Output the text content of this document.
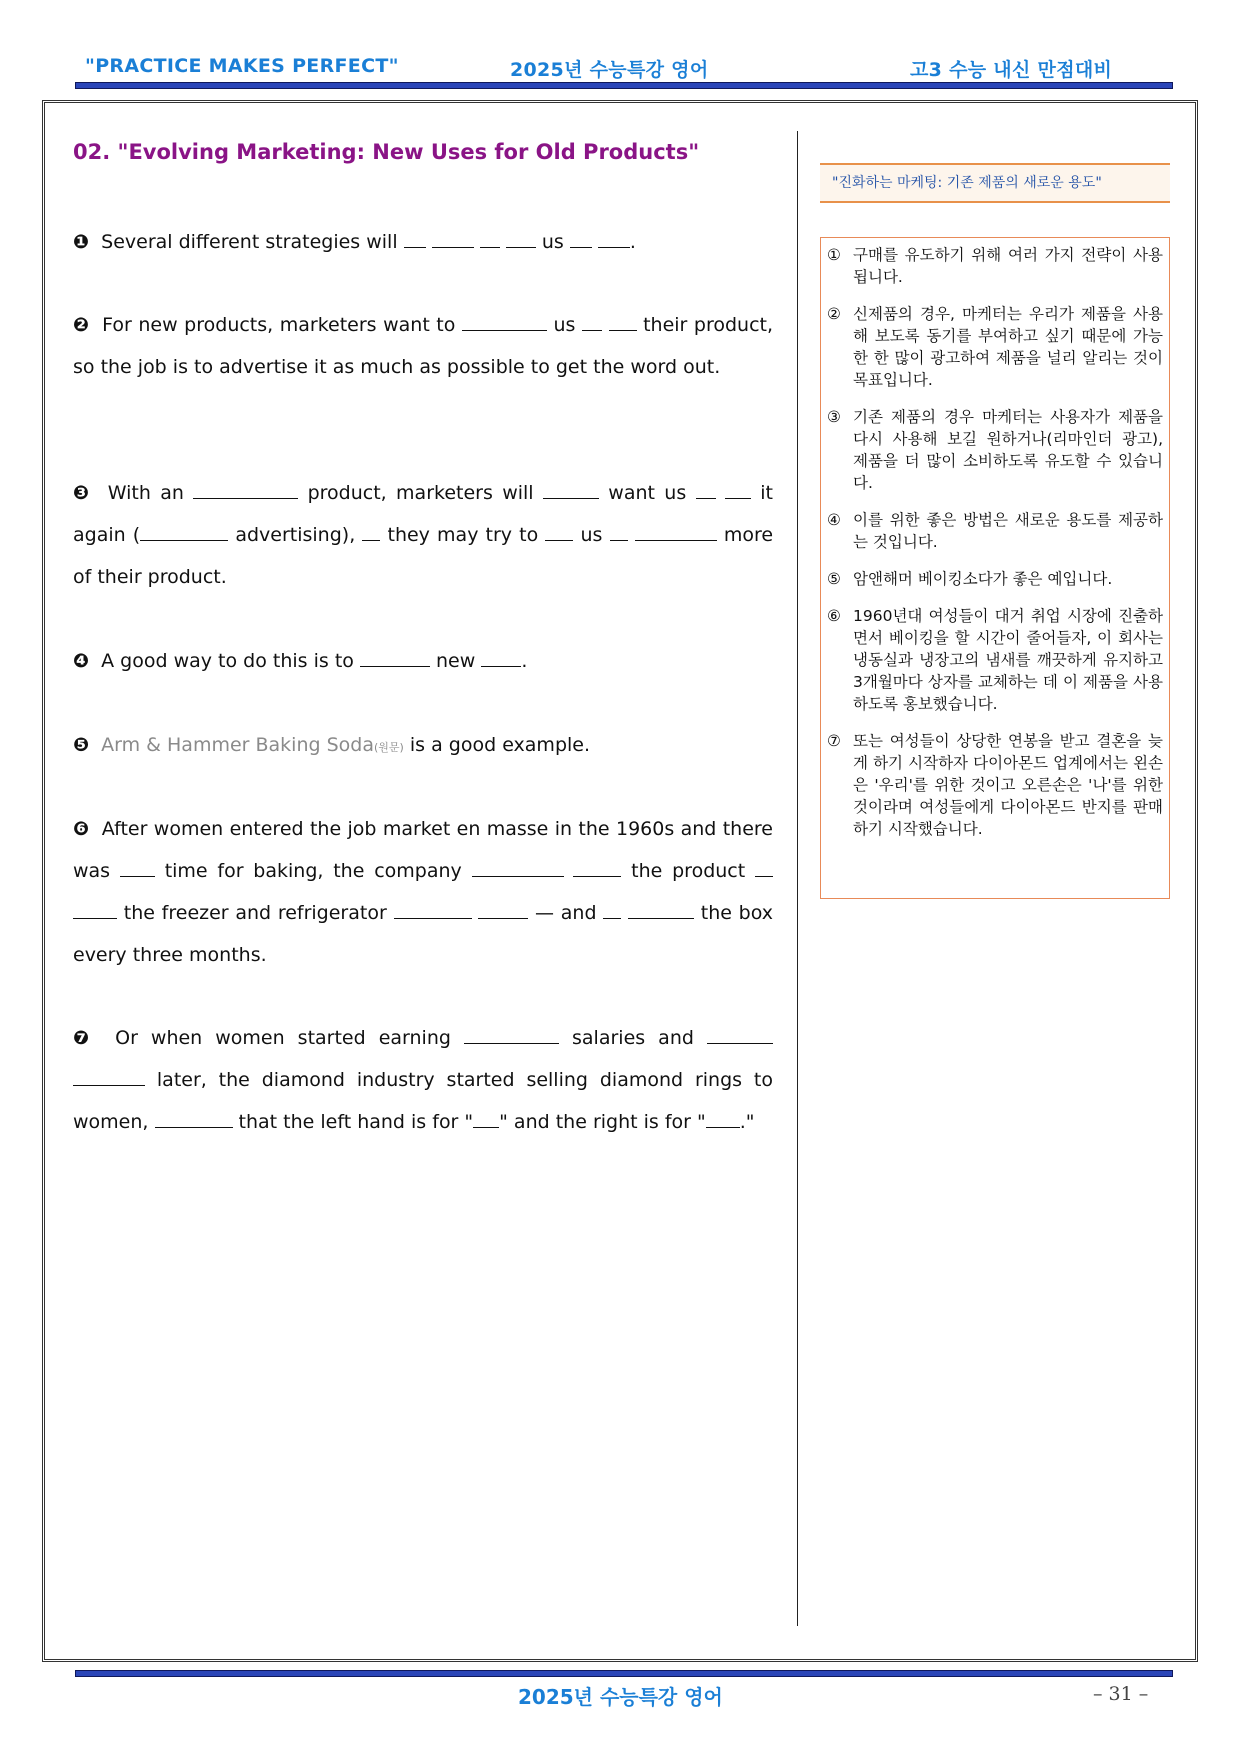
"PRACTICE MAKES PERFECT"	2025년 수능특강 영어	고3 수능 내신 만점대비
02. "Evolving Marketing: New Uses for Old Products"
❶ Several different strategies will	us	.
❷ For new products, marketers want to	us	their product, so the job is to advertise it as much as possible to get the word out.
❸ With an	product, marketers will	want us	it again (	advertising), they may try to us	more of their product.
❹ A good way to do this is to	new .
❺ Arm & Hammer Baking Soda(원문) is a good example.
❻ After women entered the job market en masse in the 1960s and there was	time for baking, the company	the product   the freezer and refrigerator	— and	the box every three months.
❼ Or when women started earning	salaries and   later, the diamond industry started selling diamond rings to women,	that the left hand is for " " and the right is for " ."
"진화하는 마케팅: 기존 제품의 새로운 용도"
① 구매를 유도하기 위해 여러 가지 전략이 사용됩니다.
② 신제품의 경우, 마케터는 우리가 제품을 사용해 보도록 동기를 부여하고 싶기 때문에 가능한 한 많이 광고하여 제품을 널리 알리는 것이 목표입니다.
③ 기존 제품의 경우 마케터는 사용자가 제품을 다시 사용해 보길 원하거나(리마인더 광고), 제품을 더 많이 소비하도록 유도할 수 있습니다.
④ 이를 위한 좋은 방법은 새로운 용도를 제공하는 것입니다.
⑤ 암앤해머 베이킹소다가 좋은 예입니다.
⑥ 1960년대 여성들이 대거 취업 시장에 진출하면서 베이킹을 할 시간이 줄어들자, 이 회사는 냉동실과 냉장고의 냄새를 깨끗하게 유지하고 3개월마다 상자를 교체하는 데 이 제품을 사용하도록 홍보했습니다.
⑦ 또는 여성들이 상당한 연봉을 받고 결혼을 늦게 하기 시작하자 다이아몬드 업계에서는 왼손은 '우리'를 위한 것이고 오른손은 '나'를 위한 것이라며 여성들에게 다이아몬드 반지를 판매하기 시작했습니다.
2025년 수능특강 영어	– 31 –
